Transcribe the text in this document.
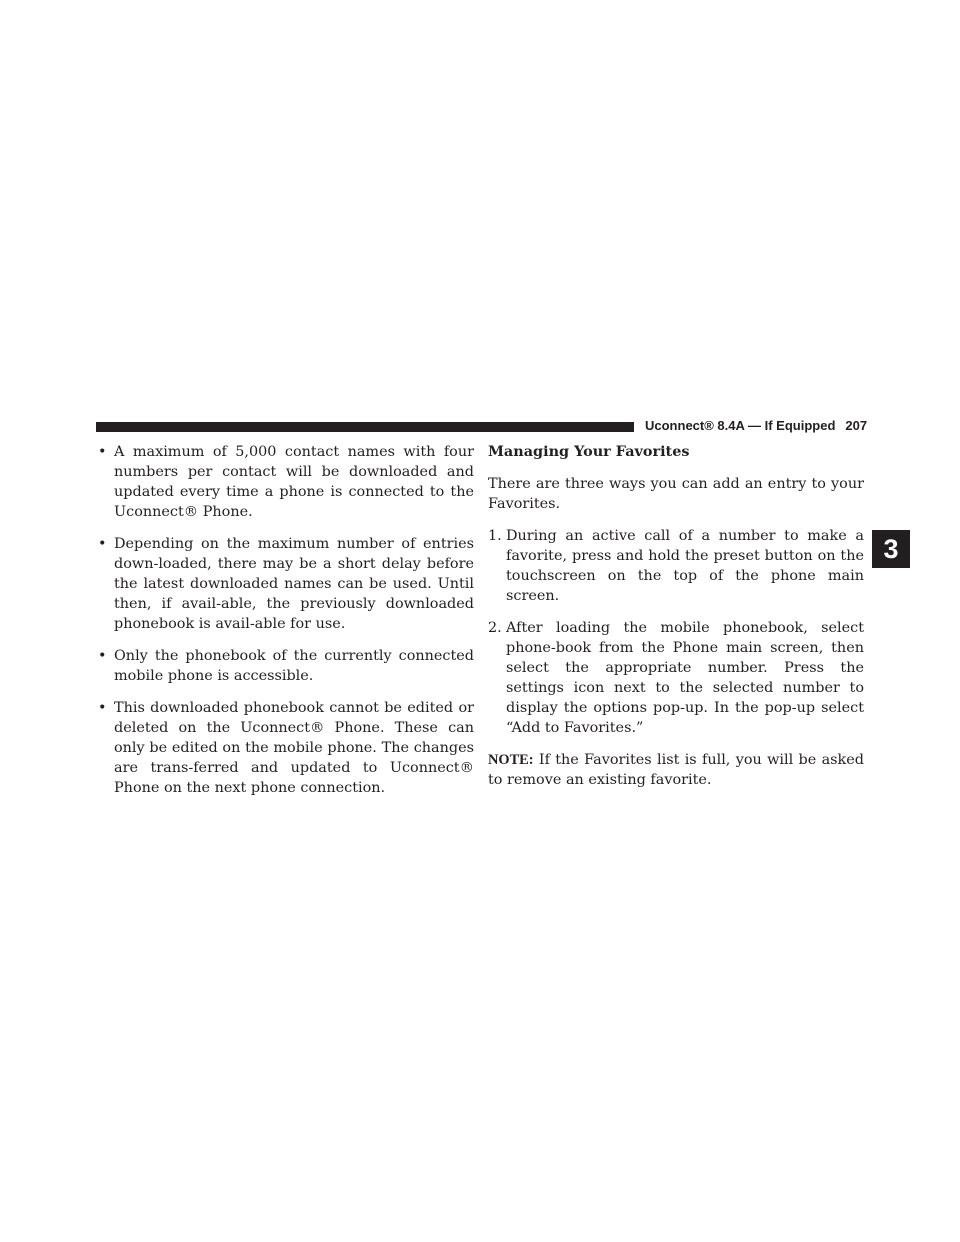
Uconnect® 8.4A — If Equipped 207
3
• A maximum of 5,000 contact names with four numbers per contact will be downloaded and updated every time a phone is connected to the Uconnect® Phone.
• Depending on the maximum number of entries down-loaded, there may be a short delay before the latest downloaded names can be used. Until then, if avail-able, the previously downloaded phonebook is avail-able for use.
• Only the phonebook of the currently connected mobile phone is accessible.
• This downloaded phonebook cannot be edited or deleted on the Uconnect® Phone. These can only be edited on the mobile phone. The changes are trans-ferred and updated to Uconnect® Phone on the next phone connection.
Managing Your Favorites

There are three ways you can add an entry to your Favorites.

1. During an active call of a number to make a favorite, press and hold the preset button on the touchscreen on the top of the phone main screen.
2. After loading the mobile phonebook, select phone-book from the Phone main screen, then select the appropriate number. Press the settings icon next to the selected number to display the options pop-up. In the pop-up select “Add to Favorites.”

NOTE: If the Favorites list is full, you will be asked to remove an existing favorite.
